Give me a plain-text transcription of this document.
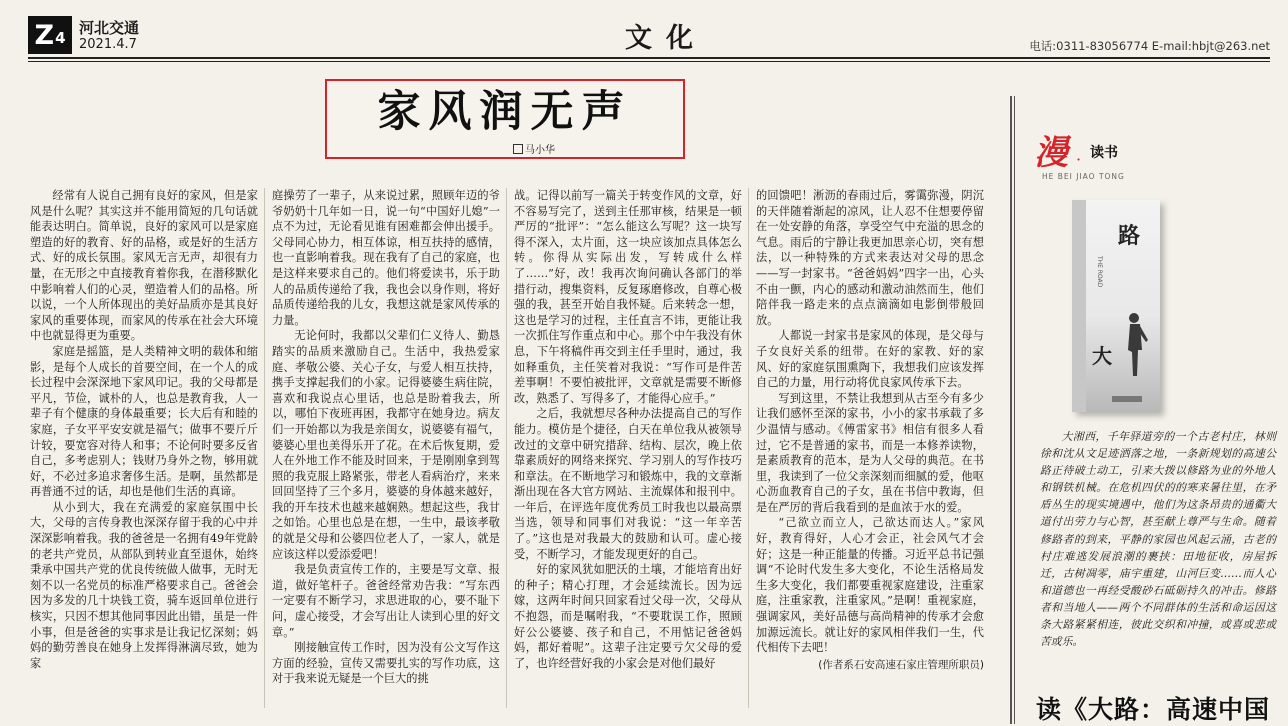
Z 4
河北交通
2021.4.7	文化	电话:0311-83056774 E-mail:hbjt@263.net
家风润无声
马小华

经常有人说自己拥有良好的家风，但是家风是什么呢？其实这并不能用简短的几句话就能表达明白。简单说，良好的家风可以是家庭塑造的好的教育、好的品格，或是好的生活方式、好的成长氛围。家风无言无声，却很有力量，在无形之中直接教育着你我，在潜移默化中影响着人们的心灵，塑造着人们的品格。所以说，一个人所体现出的美好品质亦是其良好家风的重要体现，而家风的传承在社会大环境中也就显得更为重要。

家庭是摇篮，是人类精神文明的载体和缩影，是每个人成长的首要空间，在一个人的成长过程中会深深地下家风印记。我的父母都是平凡，节俭，诚朴的人，也总是教育我，人一辈子有个健康的身体最重要；长大后有和睦的家庭，子女平平安安就是福气；做事不要斤斤计较，要宽容对待人和事；不论何时要多反省自己，多考虑别人；钱财乃身外之物，够用就好，不必过多追求奢侈生活。是啊，虽然都是再普通不过的话，却也是他们生活的真谛。

从小到大，我在充满爱的家庭氛围中长大，父母的言传身教也深深存留于我的心中并深深影响着我。我的爸爸是一名拥有49年党龄的老共产党员，从部队到转业直至退休，始终秉承中国共产党的优良传统做人做事，无时无刻不以一名党员的标准严格要求自己。爸爸会因为多发的几十块钱工资，骑车返回单位进行核实，只因不想其他同事因此出错，虽是一件小事，但是爸爸的实事求是让我记忆深刻；妈妈的勤劳善良在她身上发挥得淋漓尽致，她为家

庭操劳了一辈子，从来说过累，照顾年迈的爷爷奶奶十几年如一日，说一句“中国好儿媳”一点不为过，无论看见谁有困难都会伸出援手。父母同心协力，相互体谅，相互扶持的感情，也一直影响着我。现在我有了自己的家庭，也是这样来要求自己的。他们将爱读书，乐于助人的品质传递给了我，我也会以身作则，将好品质传递给我的儿女，我想这就是家风传承的力量。

无论何时，我都以父辈们仁义待人、勤恳踏实的品质来激励自己。生活中，我热爱家庭、孝敬公婆、关心子女，与爱人相互扶持，携手支撑起我们的小家。记得婆婆生病住院，喜欢和我说点心里话，也总是盼着我去，所以，哪怕下夜班再困，我都守在她身边。病友们一开始都以为我是亲闺女，说婆婆有福气，婆婆心里也美得乐开了花。在术后恢复期，爱人在外地工作不能及时回来，于是刚刚拿到驾照的我克服上路紧张，带老人看病治疗，来来回回坚持了三个多月，婆婆的身体越来越好，我的开车技术也越来越娴熟。想起这些，我甘之如饴。心里也总是在想，一生中，最该孝敬的就是父母和公婆四位老人了，一家人，就是应该这样以爱添爱吧！

我是负责宣传工作的，主要是写文章、报道，做好笔杆子。爸爸经常劝告我：“写东西一定要有不断学习，求思进取的心，要不耻下问，虚心接受，才会写出让人读到心里的好文章。”

刚接触宣传工作时，因为没有公文写作这方面的经验，宣传又需要扎实的写作功底，这对于我来说无疑是一个巨大的挑

战。记得以前写一篇关于转变作风的文章，好不容易写完了，送到主任那审核，结果是一顿严厉的“批评”：“怎么能这么写呢？这一块写得不深入，太片面，这一块应该加点具体怎么转。你得从实际出发，写转成什么样了……”好，改！我再次询问确认各部门的举措行动，搜集资料，反复琢磨修改，自尊心极强的我，甚至开始自我怀疑。后来转念一想，这也是学习的过程，主任直言不讳，更能让我一次抓住写作重点和中心。那个中午我没有休息，下午将稿件再交到主任手里时，通过，我如释重负，主任笑着对我说：“写作可是件苦差事啊！不要怕被批评，文章就是需要不断修改，熟悉了、写得多了，才能得心应手。”

之后，我就想尽各种办法提高自己的写作能力。模仿是个捷径，白天在单位我从被领导改过的文章中研究措辞、结构、层次，晚上依靠素质好的网络来探究、学习别人的写作技巧和章法。在不断地学习和锻炼中，我的文章渐渐出现在各大官方网站、主流媒体和报刊中。一年后，在评选年度优秀员工时我也以最高票当选，领导和同事们对我说：“这一年辛苦了。”这也是对我最大的鼓励和认可。虚心接受，不断学习，才能发现更好的自己。

好的家风犹如肥沃的土壤，才能培育出好的种子；精心打理，才会延续流长。因为远嫁，这两年时间只回家看过父母一次，父母从不抱怨，而是嘱咐我，“不要耽误工作，照顾好公公婆婆、孩子和自己，不用惦记爸爸妈妈，都好着呢”。这辈子注定要亏欠父母的爱了，也许经营好我的小家会是对他们最好

的回馈吧！淅沥的春雨过后，雾霭弥漫，阴沉的天伴随着渐起的凉风，让人忍不住想要停留在一处安静的角落，享受空气中充溢的思念的气息。雨后的宁静让我更加思亲心切，突有想法，以一种特殊的方式来表达对父母的思念——写一封家书。“爸爸妈妈”四字一出，心头不由一颤，内心的感动和激动油然而生，他们陪伴我一路走来的点点滴滴如电影倒带般回放。

人都说一封家书是家风的体现，是父母与子女良好关系的纽带。在好的家教、好的家风、好的家庭氛围熏陶下，我想我们应该发挥自己的力量，用行动将优良家风传承下去。

写到这里，不禁让我想到从古至今有多少让我们感怀至深的家书，小小的家书承载了多少温情与感动。《傅雷家书》相信有很多人看过，它不是普通的家书，而是一本修养读物，是素质教育的范本，是为人父母的典范。在书里，我读到了一位父亲深刻而细腻的爱，他呕心沥血教育自己的子女，虽在书信中教诲，但是在严厉的背后我看到的是血浓于水的爱。

“己欲立而立人，己欲达而达人。”家风好，教育得好，人心才会正，社会风气才会好；这是一种正能量的传播。习近平总书记强调“不论时代发生多大变化，不论生活格局发生多大变化，我们都要重视家庭建设，注重家庭，注重家教，注重家风。”是啊！重视家庭，强调家风，美好品德与高尚精神的传承才会愈加源远流长。就让好的家风相伴我们一生，代代相传下去吧！

(作者系石安高速石家庄管理所职员)

漫 · 读书
HE BEI JIAO TONG
路
THE ROAD
大

大湘西，千年驿道旁的一个古老村庄，林则徐和沈从文足迹洒落之地，一条新规划的高速公路正待破土动工，引来大拨以修路为业的外地人和钢铁机械。在危机四伏的的寒来暑往里，在矛盾丛生的现实境遇中，他们为这条昂贵的通衢大道付出劳力与心智，甚至献上尊严与生命。随着修路者的到来，平静的家园也风起云涌，古老的村庄难逃发展浪潮的裹挟：田地征收，房屋拆迁，古树凋零，庙宇重建，山河巨变……而人心和道德也一再经受酸砂石砥砺持久的冲击。修路者和当地人——两个不同群体的生活和命运因这条大路紧紧相连，彼此交织和冲撞，或喜或悲或苦或乐。

读《大路：高速中国
